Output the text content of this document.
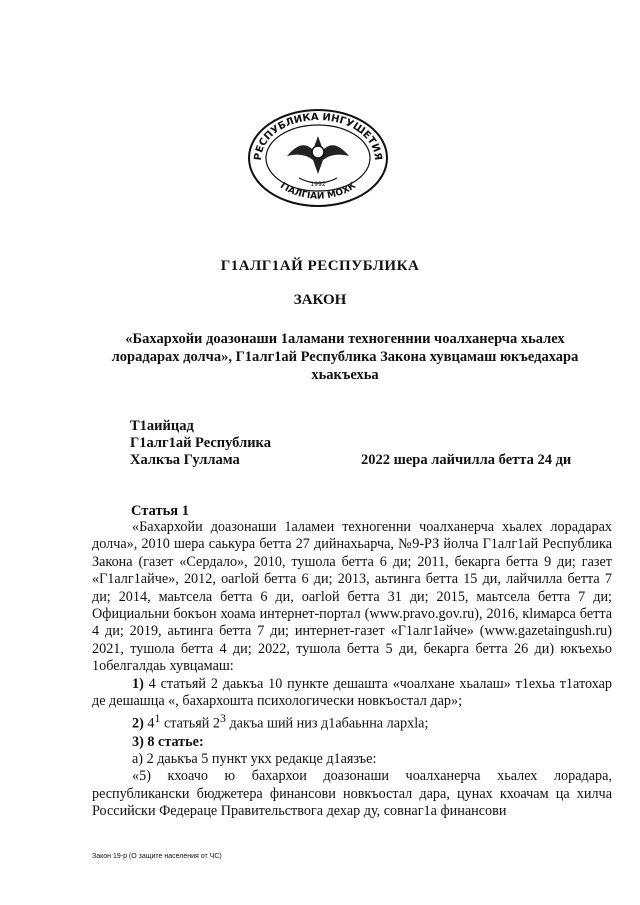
РЕСПУБЛИКА ИНГУШЕТИЯ
ГIАЛГIАЙ МОХК
1992
Г1АЛГ1АЙ РЕСПУБЛИКА
ЗАКОН
«Бахархойи доазонаши 1аламани техногеннии чоалханерча хьалех
лорадарах долча», Г1алг1ай Республика Закона хувцамаш юкъедахара
хьакъехьа
Т1аийцад
Г1алг1ай Республика
Халкъа Гуллама	2022 шера лайчилла бетта 24 ди
Статья 1

«Бахархойи доазонаши 1аламеи техногенни чоалханерча хьалех лорадарах долча», 2010 шера саькура бетта 27 дийнахьарча, №9-РЗ йолча Г1алг1ай Республика Закона (газет «Сердало», 2010, тушола бетта 6 ди; 2011, бекарга бетта 9 ди; газет «Г1алг1айче», 2012, оагlой бетта 6 ди; 2013, аьтинга бетта 15 ди, лайчилла бетта 7 ди; 2014, маьтсела бетта 6 ди, оагlой бетта 31 ди; 2015, маьтсела бетта 7 ди; Официальни бокъон хоама интернет-портал (www.pravo.gov.ru), 2016, кlимарса бетта 4 ди; 2019, аьтинга бетта 7 ди; интернет-газет «Г1алг1айче» (www.gazetaingush.ru) 2021, тушола бетта 4 ди; 2022, тушола бетта 5 ди, бекарга бетта 26 ди) юкъехьо 1обелгалдаь хувцамаш:

1) 4 статьяй 2 даькъа 10 пункте дешашта «чоалхане хьалаш» т1ехьа т1атохар де дешашца «, бахархошта психологически новкъостал дар»;

2) $4^1$ статьяй $2^3$ дакъа ший низ д1абаьнна лархlа;

3) 8 статье:

а) 2 даькъа 5 пункт укх редакце д1аязъе:

«5) кхоачо ю бахархои доазонаши чоалханерча хьалех лорадара, республикански бюджетера финансови новкъостал дара, цунах кхоачам ца хилча Российски Федераце Правительствога дехар ду, совнаг1а финансови

Закон 19-р (О защите населения от ЧС)
